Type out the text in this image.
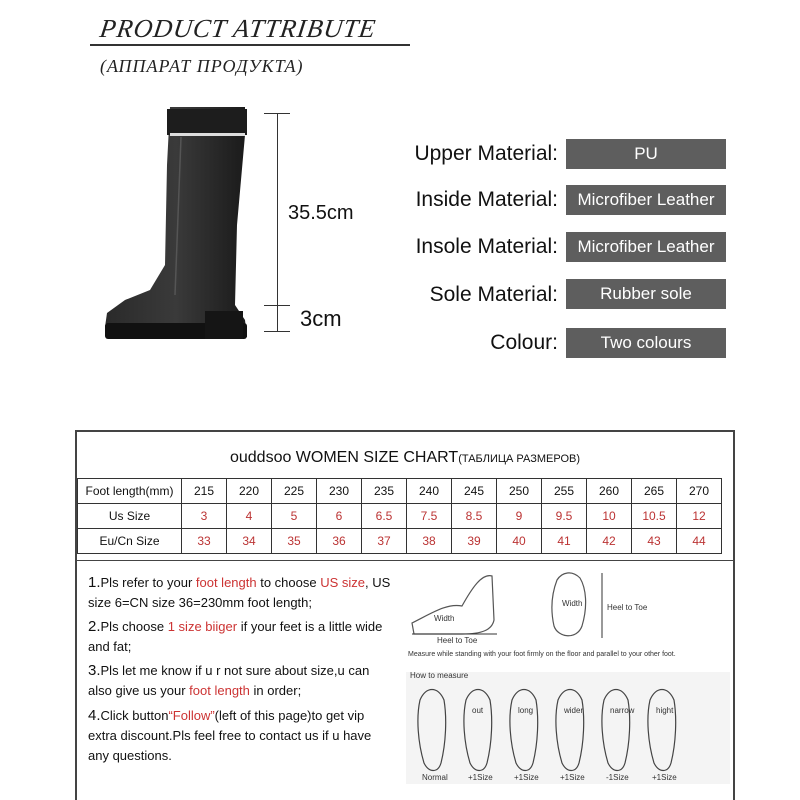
PRODUCT ATTRIBUTE
(АППАРАТ ПРОДУКТА)
35.5cm
3cm
Upper Material:	PU
Inside Material:	Microfiber Leather
Insole Material:	Microfiber Leather
Sole Material:	Rubber sole
Colour:	Two colours
ouddsoo WOMEN SIZE CHART(ТАБЛИЦА РАЗМЕРОВ)
Foot length(mm)	215	220	225	230	235	240	245	250	255	260	265	270
Us Size	3	4	5	6	6.5	7.5	8.5	9	9.5	10	10.5	12
Eu/Cn Size	33	34	35	36	37	38	39	40	41	42	43	44
1.Pls refer to your foot length to choose US size, US size 6=CN size 36=230mm foot length;
2.Pls choose 1 size biiger if your feet is a little wide and fat;
3.Pls let me know if u r not sure about size,u can also give us your foot length in order;
4.Click button“Follow”(left of this page)to get vip extra discount.Pls feel free to contact us if u have any questions.
Width
Heel to Toe
Width	Heel to Toe
Measure while standing with your foot firmly on the floor and parallel to your other foot.
How to measure
Normal
out
+1Size
long
+1Size
wider
+1Size
narrow
-1Size
hight
+1Size
